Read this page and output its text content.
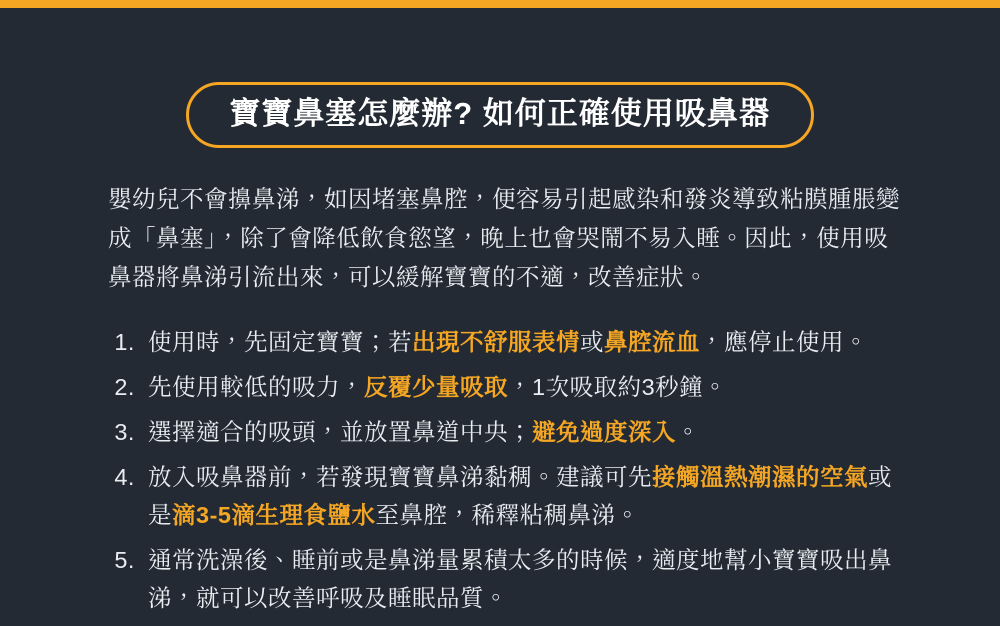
寶寶鼻塞怎麼辦? 如何正確使用吸鼻器

嬰幼兒不會擤鼻涕，如因堵塞鼻腔，便容易引起感染和發炎導致粘膜腫脹變成「鼻塞」，除了會降低飲食慾望，晚上也會哭鬧不易入睡。因此，使用吸鼻器將鼻涕引流出來，可以緩解寶寶的不適，改善症狀。

1. 使用時，先固定寶寶；若出現不舒服表情或鼻腔流血，應停止使用。
2. 先使用較低的吸力，反覆少量吸取，1次吸取約3秒鐘。
3. 選擇適合的吸頭，並放置鼻道中央；避免過度深入。
4. 放入吸鼻器前，若發現寶寶鼻涕黏稠。建議可先接觸溫熱潮濕的空氣或是滴3-5滴生理食鹽水至鼻腔，稀釋粘稠鼻涕。
5. 通常洗澡後、睡前或是鼻涕量累積太多的時候，適度地幫小寶寶吸出鼻涕，就可以改善呼吸及睡眠品質。
